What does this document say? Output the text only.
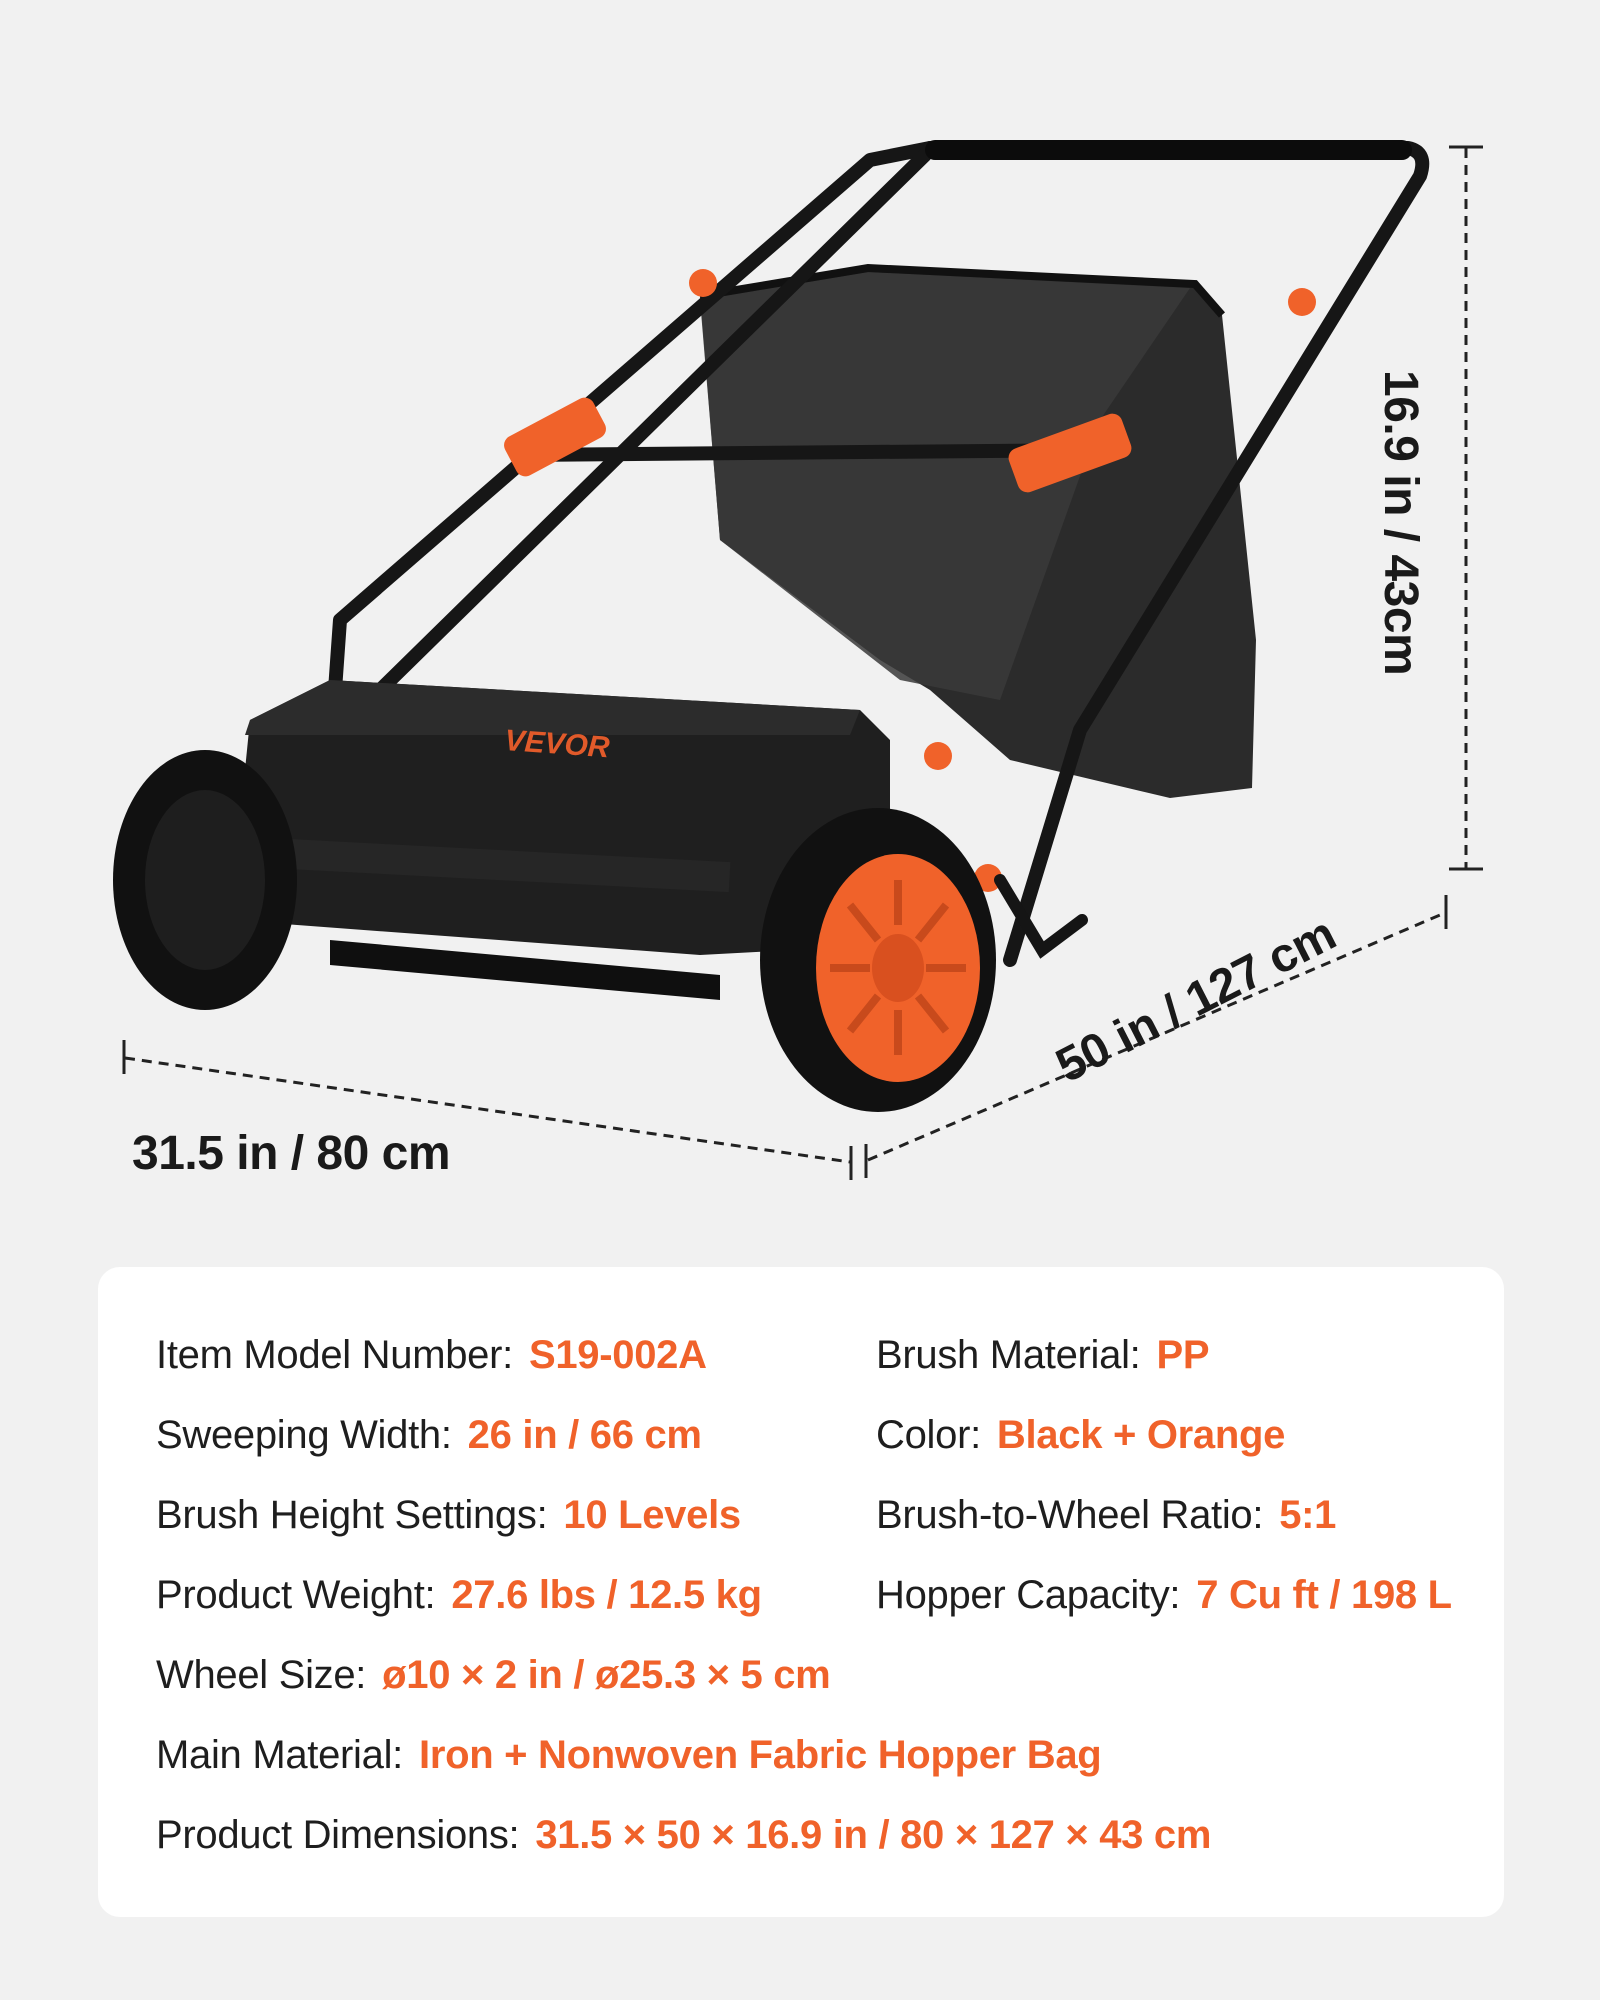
VEVOR
31.5 in / 80 cm
50 in / 127 cm
16.9 in / 43cm
Item Model Number: S19-002A
Sweeping Width: 26 in / 66 cm
Brush Height Settings: 10 Levels
Product Weight: 27.6 lbs / 12.5 kg
Brush Material: PP
Color: Black + Orange
Brush-to-Wheel Ratio: 5:1
Hopper Capacity: 7 Cu ft / 198 L
Wheel Size: ø10 × 2 in / ø25.3 × 5 cm
Main Material: Iron + Nonwoven Fabric Hopper Bag
Product Dimensions: 31.5 × 50 × 16.9 in / 80 × 127 × 43 cm
